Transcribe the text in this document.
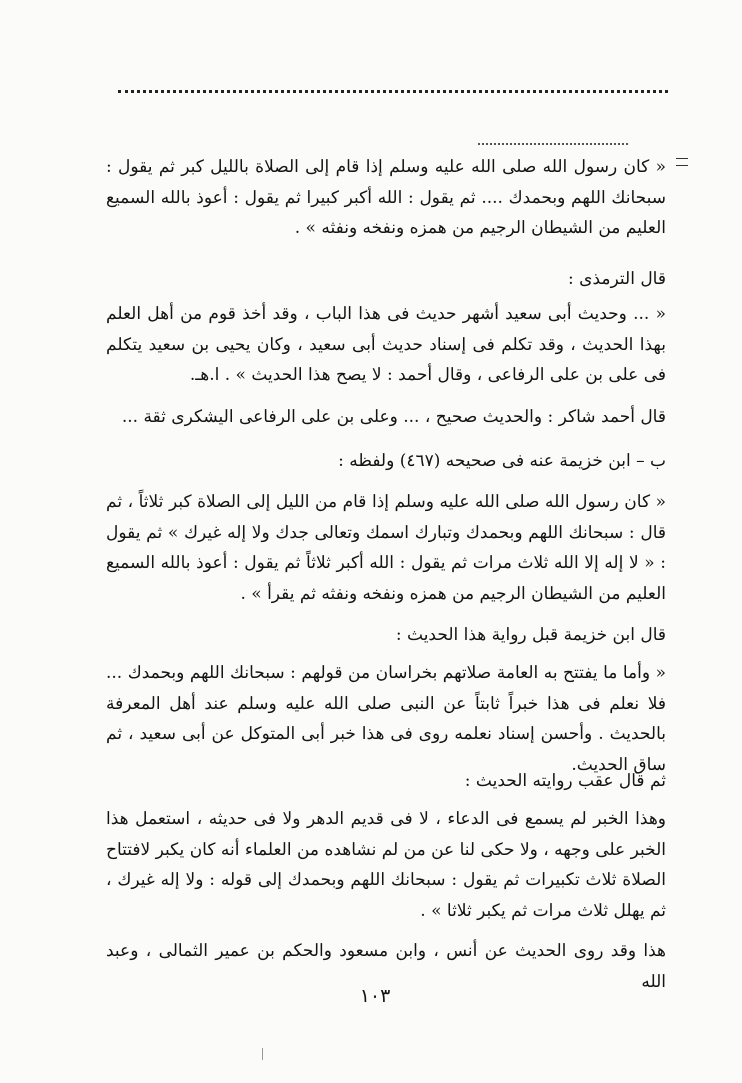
« كان رسول الله صلى الله عليه وسلم إذا قام إلى الصلاة بالليل كبر ثم يقول : سبحانك اللهم وبحمدك .... ثم يقول : الله أكبر كبيرا ثم يقول : أعوذ بالله السميع العليم من الشيطان الرجيم من همزه ونفخه ونفثه » .

قال الترمذى :

« ... وحديث أبى سعيد أشهر حديث فى هذا الباب ، وقد أخذ قوم من أهل العلم بهذا الحديث ، وقد تكلم فى إسناد حديث أبى سعيد ، وكان يحيى بن سعيد يتكلم فى على بن على الرفاعى ، وقال أحمد : لا يصح هذا الحديث » . ا.هـ.

قال أحمد شاكر : والحديث صحيح ، ... وعلى بن على الرفاعى اليشكرى ثقة ...

ب – ابن خزيمة عنه فى صحيحه (٤٦٧) ولفظه :

« كان رسول الله صلى الله عليه وسلم إذا قام من الليل إلى الصلاة كبر ثلاثاً ، ثم قال : سبحانك اللهم وبحمدك وتبارك اسمك وتعالى جدك ولا إله غيرك » ثم يقول : « لا إله إلا الله ثلاث مرات ثم يقول : الله أكبر ثلاثاً ثم يقول : أعوذ بالله السميع العليم من الشيطان الرجيم من همزه ونفخه ونفثه ثم يقرأ » .

قال ابن خزيمة قبل رواية هذا الحديث :

« وأما ما يفتتح به العامة صلاتهم بخراسان من قولهم : سبحانك اللهم وبحمدك ... فلا نعلم فى هذا خبراً ثابتاً عن النبى صلى الله عليه وسلم عند أهل المعرفة بالحديث . وأحسن إسناد نعلمه روى فى هذا خبر أبى المتوكل عن أبى سعيد ، ثم ساق الحديث.

ثم قال عقب روايته الحديث :

وهذا الخبر لم يسمع فى الدعاء ، لا فى قديم الدهر ولا فى حديثه ، استعمل هذا الخبر على وجهه ، ولا حكى لنا عن من لم نشاهده من العلماء أنه كان يكبر لافتتاح الصلاة ثلاث تكبيرات ثم يقول : سبحانك اللهم وبحمدك إلى قوله : ولا إله غيرك ، ثم يهلل ثلاث مرات ثم يكبر ثلاثا » .

هذا وقد روى الحديث عن أنس ، وابن مسعود والحكم بن عمير الثمالى ، وعبد الله

١٠٣
